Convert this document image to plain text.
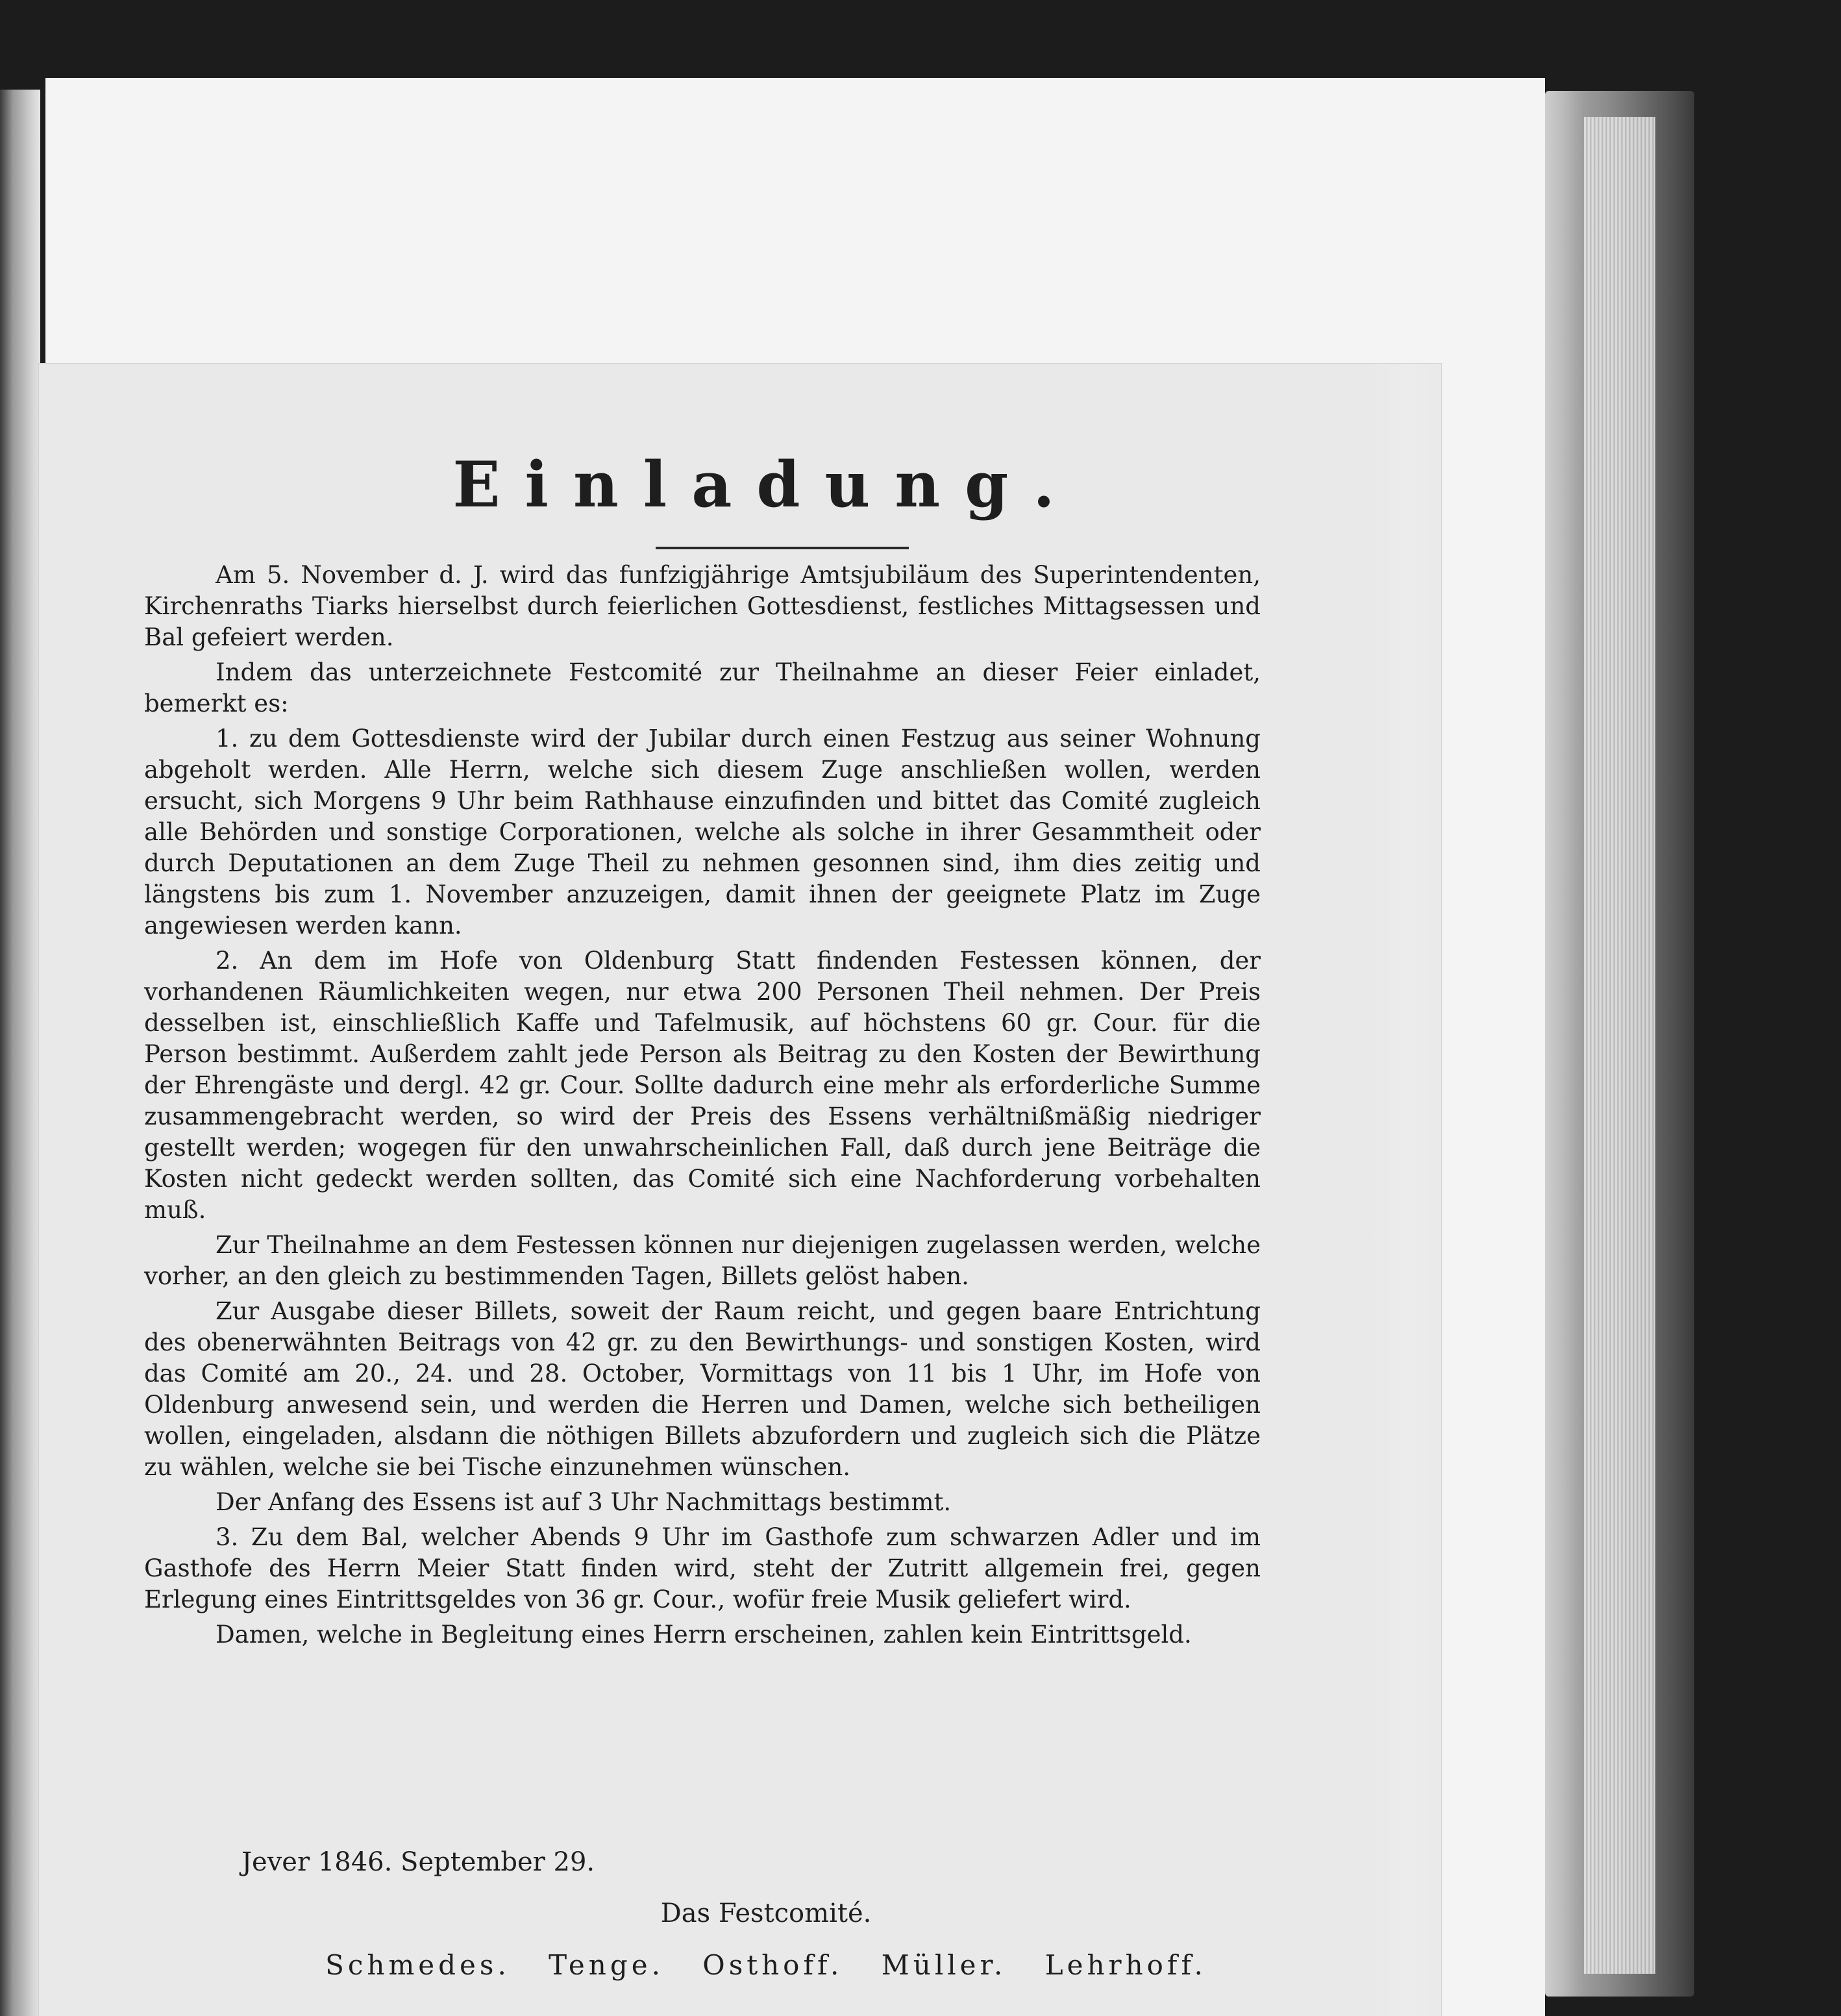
Einladung.

Am 5. November d. J. wird das funfzigjährige Amtsjubiläum des Superintendenten, Kirchenraths Tiarks hierselbst durch feierlichen Gottesdienst, festliches Mittagsessen und Bal gefeiert werden.

Indem das unterzeichnete Festcomité zur Theilnahme an dieser Feier einladet, bemerkt es:

1. zu dem Gottesdienste wird der Jubilar durch einen Festzug aus seiner Wohnung abgeholt werden. Alle Herrn, welche sich diesem Zuge anschließen wollen, werden ersucht, sich Morgens 9 Uhr beim Rathhause einzufinden und bittet das Comité zugleich alle Behörden und sonstige Corporationen, welche als solche in ihrer Gesammtheit oder durch Deputationen an dem Zuge Theil zu nehmen gesonnen sind, ihm dies zeitig und längstens bis zum 1. November anzuzeigen, damit ihnen der geeignete Platz im Zuge angewiesen werden kann.

2. An dem im Hofe von Oldenburg Statt findenden Festessen können, der vorhandenen Räumlichkeiten wegen, nur etwa 200 Personen Theil nehmen. Der Preis desselben ist, einschließlich Kaffe und Tafelmusik, auf höchstens 60 gr. Cour. für die Person bestimmt. Außerdem zahlt jede Person als Beitrag zu den Kosten der Bewirthung der Ehrengäste und dergl. 42 gr. Cour. Sollte dadurch eine mehr als erforderliche Summe zusammengebracht werden, so wird der Preis des Essens verhältnißmäßig niedriger gestellt werden; wogegen für den unwahrscheinlichen Fall, daß durch jene Beiträge die Kosten nicht gedeckt werden sollten, das Comité sich eine Nachforderung vorbehalten muß.

Zur Theilnahme an dem Festessen können nur diejenigen zugelassen werden, welche vorher, an den gleich zu bestimmenden Tagen, Billets gelöst haben.

Zur Ausgabe dieser Billets, soweit der Raum reicht, und gegen baare Entrichtung des obenerwähnten Beitrags von 42 gr. zu den Bewirthungs- und sonstigen Kosten, wird das Comité am 20., 24. und 28. October, Vormittags von 11 bis 1 Uhr, im Hofe von Oldenburg anwesend sein, und werden die Herren und Damen, welche sich betheiligen wollen, eingeladen, alsdann die nöthigen Billets abzufordern und zugleich sich die Plätze zu wählen, welche sie bei Tische einzunehmen wünschen.

Der Anfang des Essens ist auf 3 Uhr Nachmittags bestimmt.

3. Zu dem Bal, welcher Abends 9 Uhr im Gasthofe zum schwarzen Adler und im Gasthofe des Herrn Meier Statt finden wird, steht der Zutritt allgemein frei, gegen Erlegung eines Eintrittsgeldes von 36 gr. Cour., wofür freie Musik geliefert wird.

Damen, welche in Begleitung eines Herrn erscheinen, zahlen kein Eintrittsgeld.

Jever 1846. September 29.
Das Festcomité.
Schmedes. Tenge. Osthoff. Müller. Lehrhoff.
